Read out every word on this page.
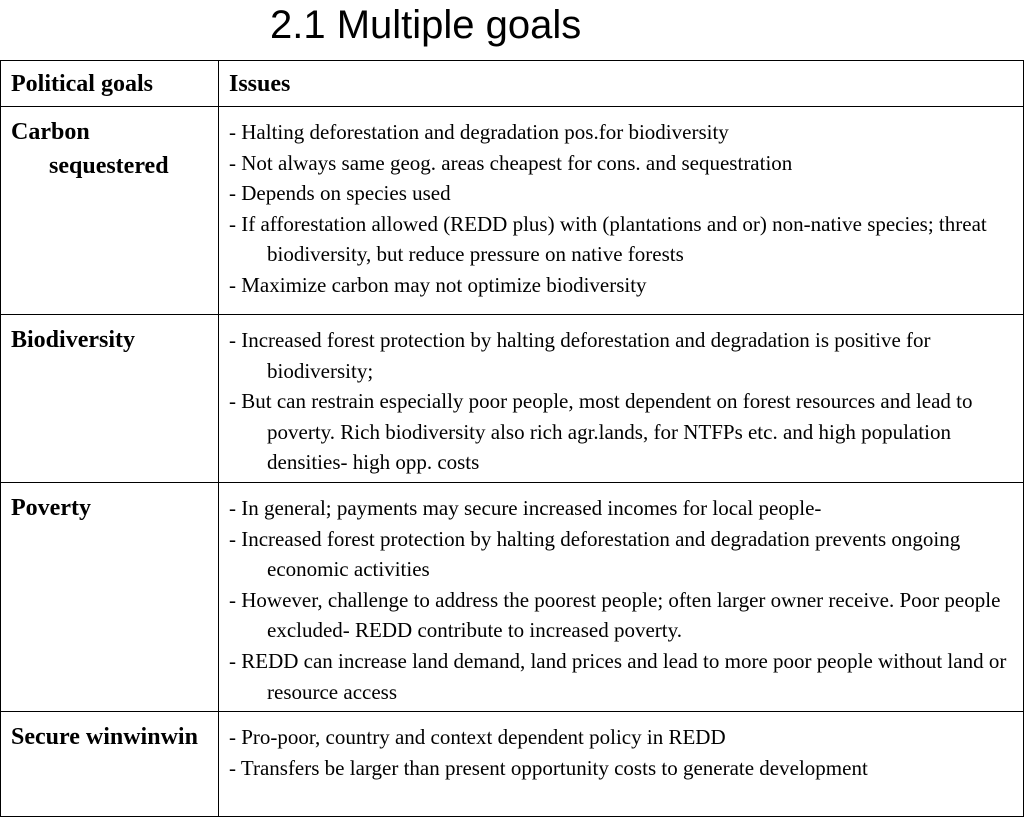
2.1 Multiple goals
Political goals	Issues

Carbon sequestered	- Halting deforestation and degradation pos.for biodiversity
- Not always same geog. areas cheapest for cons. and sequestration
- Depends on species used
- If afforestation allowed (REDD plus) with (plantations and or) non-native species; threat biodiversity, but reduce pressure on native forests
- Maximize carbon may not optimize biodiversity

Biodiversity	- Increased forest protection by halting deforestation and degradation is positive for biodiversity;
- But can restrain especially poor people, most dependent on forest resources and lead to poverty. Rich biodiversity also rich agr.lands, for NTFPs etc. and high population densities- high opp. costs

Poverty	- In general; payments may secure increased incomes for local people-
- Increased forest protection by halting deforestation and degradation prevents ongoing economic activities
- However, challenge to address the poorest people; often larger owner receive. Poor people excluded- REDD contribute to increased poverty.
- REDD can increase land demand, land prices and lead to more poor people without land or resource access

Secure winwinwin	- Pro-poor, country and context dependent policy in REDD
- Transfers be larger than present opportunity costs to generate development
